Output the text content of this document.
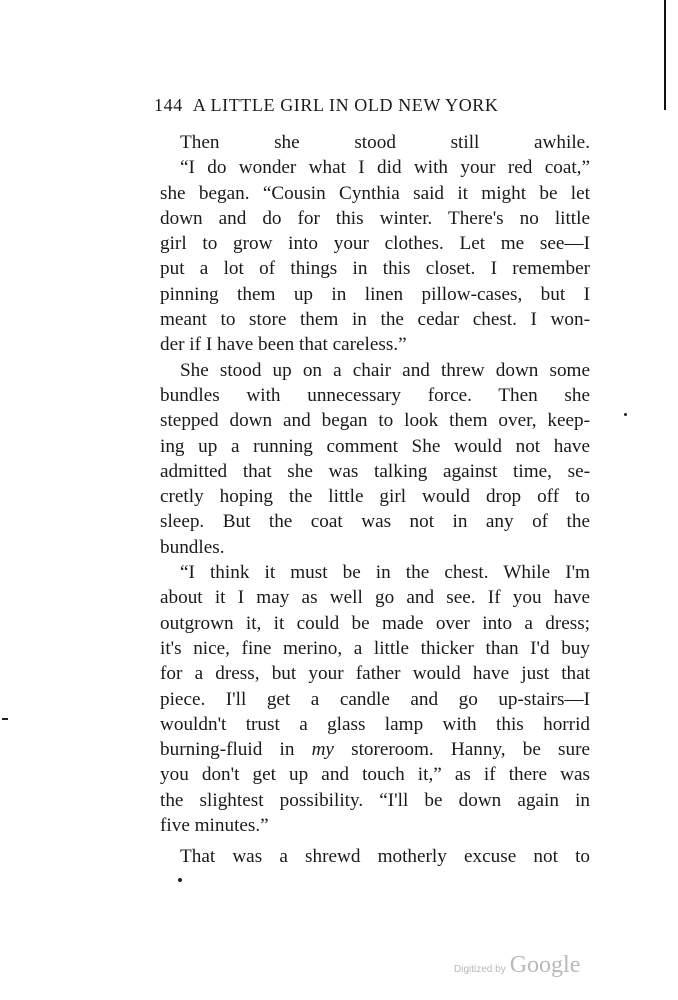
144 A LITTLE GIRL IN OLD NEW YORK
Then she stood still awhile.
“I do wonder what I did with your red coat,”
she began. “Cousin Cynthia said it might be let
down and do for this winter. There's no little
girl to grow into your clothes. Let me see—I
put a lot of things in this closet. I remember
pinning them up in linen pillow-cases, but I
meant to store them in the cedar chest. I won-
der if I have been that careless.”
She stood up on a chair and threw down some
bundles with unnecessary force. Then she
stepped down and began to look them over, keep-
ing up a running comment She would not have
admitted that she was talking against time, se-
cretly hoping the little girl would drop off to
sleep. But the coat was not in any of the
bundles.
“I think it must be in the chest. While I'm
about it I may as well go and see. If you have
outgrown it, it could be made over into a dress;
it's nice, fine merino, a little thicker than I'd buy
for a dress, but your father would have just that
piece. I'll get a candle and go up-stairs—I
wouldn't trust a glass lamp with this horrid
burning-fluid in my storeroom. Hanny, be sure
you don't get up and touch it,” as if there was
the slightest possibility. “I'll be down again in
five minutes.”
That was a shrewd motherly excuse not to
Digitized by Google
